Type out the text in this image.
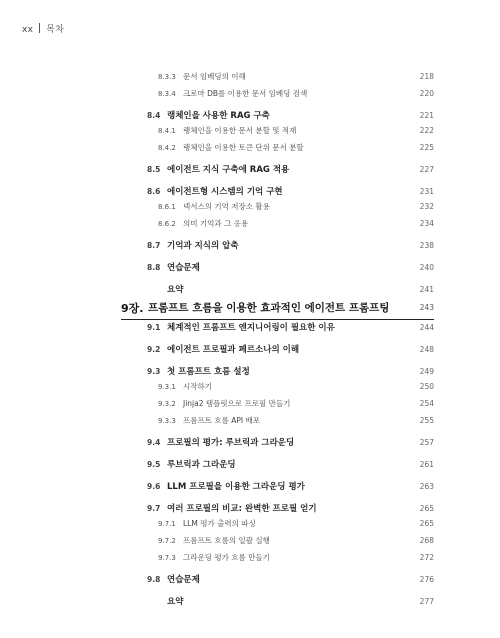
xx 목차
8.3.3 문서 임베딩의 이해	218
8.3.4 크로마 DB를 이용한 문서 임베딩 검색	220
8.4 랭체인을 사용한 RAG 구축	221
8.4.1 랭체인을 이용한 문서 분할 및 적재	222
8.4.2 랭체인을 이용한 토큰 단위 문서 분할	225
8.5 에이전트 지식 구축에 RAG 적용	227
8.6 에이전트형 시스템의 기억 구현	231
8.6.1 넥서스의 기억 저장소 활용	232
8.6.2 의미 기억과 그 응용	234
8.7 기억과 지식의 압축	238
8.8 연습문제	240
요약	241
9장. 프롬프트 흐름을 이용한 효과적인 에이전트 프롬프팅	243
9.1 체계적인 프롬프트 엔지니어링이 필요한 이유	244
9.2 에이전트 프로필과 페르소나의 이해	248
9.3 첫 프롬프트 흐름 설정	249
9.3.1 시작하기	250
9.3.2 Jinja2 템플릿으로 프로필 만들기	254
9.3.3 프롬프트 흐름 API 배포	255
9.4 프로필의 평가: 루브릭과 그라운딩	257
9.5 루브릭과 그라운딩	261
9.6 LLM 프로필을 이용한 그라운딩 평가	263
9.7 여러 프로필의 비교: 완벽한 프로필 얻기	265
9.7.1 LLM 평가 출력의 파싱	265
9.7.2 프롬프트 흐름의 일괄 실행	268
9.7.3 그라운딩 평가 흐름 만들기	272
9.8 연습문제	276
요약	277
